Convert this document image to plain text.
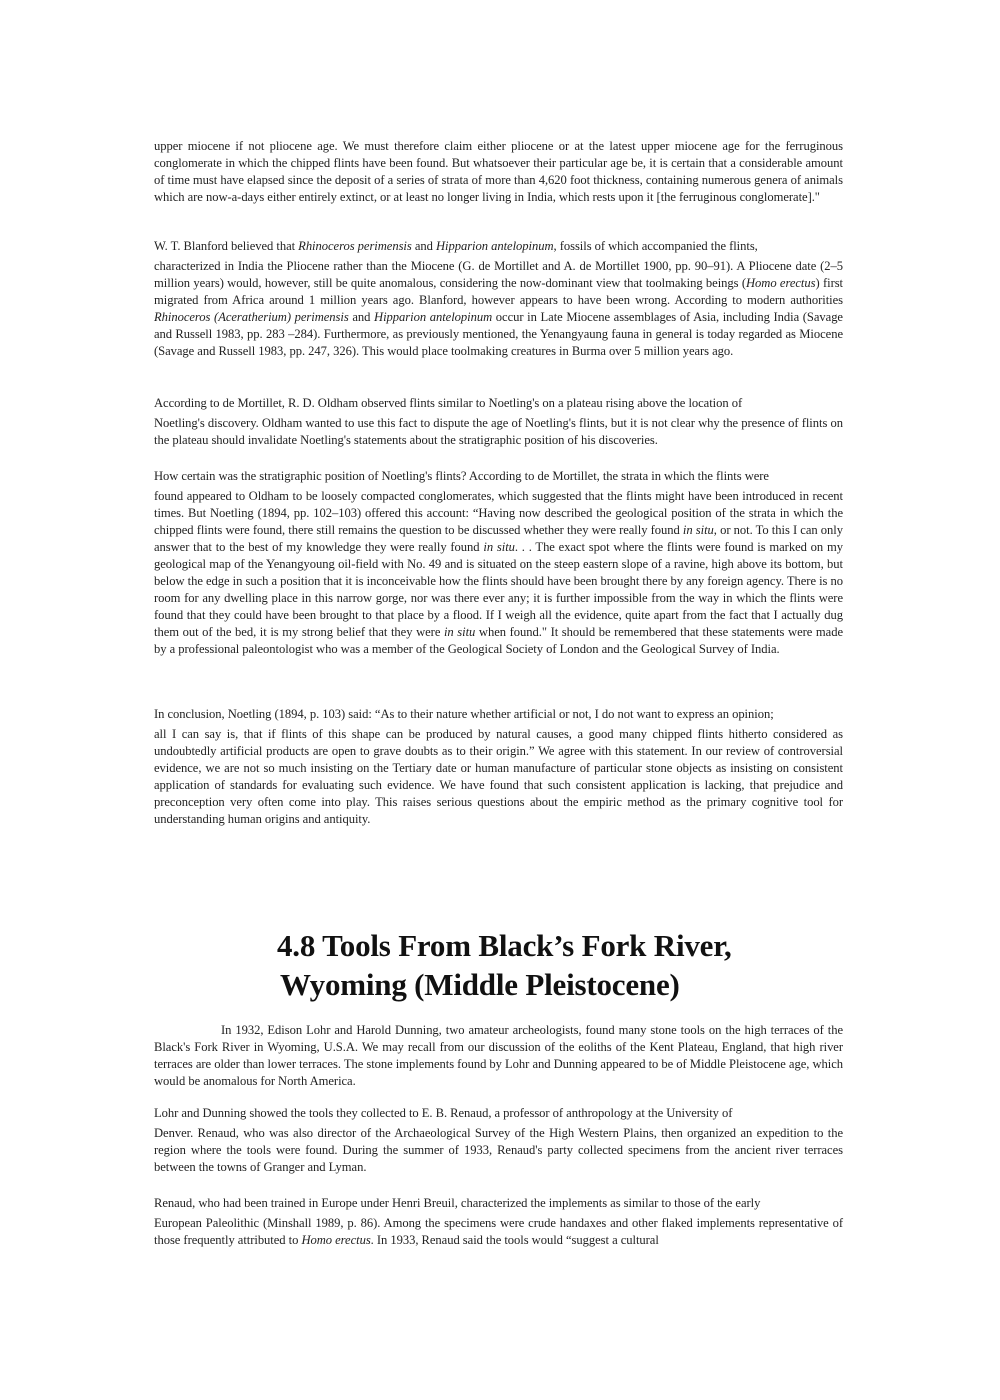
upper miocene if not pliocene age. We must therefore claim either pliocene or at the latest upper miocene age for the ferruginous conglomerate in which the chipped flints have been found. But whatsoever their particular age be, it is certain that a considerable amount of time must have elapsed since the deposit of a series of strata of more than 4,620 foot thickness, containing numerous genera of animals which are now-a-days either entirely extinct, or at least no longer living in India, which rests upon it [the ferruginous conglomerate]."

W. T. Blanford believed that Rhinoceros perimensis and Hipparion antelopinum, fossils of which accompanied the flints,
characterized in India the Pliocene rather than the Miocene (G. de Mortillet and A. de Mortillet 1900, pp. 90–91). A Pliocene date (2–5 million years) would, however, still be quite anomalous, considering the now-dominant view that toolmaking beings (Homo erectus) first migrated from Africa around 1 million years ago. Blanford, however appears to have been wrong. According to modern authorities Rhinoceros (Aceratherium) perimensis and Hipparion antelopinum occur in Late Miocene assemblages of Asia, including India (Savage and Russell 1983, pp. 283 –284). Furthermore, as previously mentioned, the Yenangyaung fauna in general is today regarded as Miocene (Savage and Russell 1983, pp. 247, 326). This would place toolmaking creatures in Burma over 5 million years ago.

According to de Mortillet, R. D. Oldham observed flints similar to Noetling's on a plateau rising above the location of
Noetling's discovery. Oldham wanted to use this fact to dispute the age of Noetling's flints, but it is not clear why the presence of flints on the plateau should invalidate Noetling's statements about the stratigraphic position of his discoveries.

How certain was the stratigraphic position of Noetling's flints? According to de Mortillet, the strata in which the flints were
found appeared to Oldham to be loosely compacted conglomerates, which suggested that the flints might have been introduced in recent times. But Noetling (1894, pp. 102–103) offered this account: “Having now described the geological position of the strata in which the chipped flints were found, there still remains the question to be discussed whether they were really found in situ, or not. To this I can only answer that to the best of my knowledge they were really found in situ. . . The exact spot where the flints were found is marked on my geological map of the Yenangyoung oil-field with No. 49 and is situated on the steep eastern slope of a ravine, high above its bottom, but below the edge in such a position that it is inconceivable how the flints should have been brought there by any foreign agency. There is no room for any dwelling place in this narrow gorge, nor was there ever any; it is further impossible from the way in which the flints were found that they could have been brought to that place by a flood. If I weigh all the evidence, quite apart from the fact that I actually dug them out of the bed, it is my strong belief that they were in situ when found." It should be remembered that these statements were made by a professional paleontologist who was a member of the Geological Society of London and the Geological Survey of India.

In conclusion, Noetling (1894, p. 103) said: “As to their nature whether artificial or not, I do not want to express an opinion;
all I can say is, that if flints of this shape can be produced by natural causes, a good many chipped flints hitherto considered as undoubtedly artificial products are open to grave doubts as to their origin.” We agree with this statement. In our review of controversial evidence, we are not so much insisting on the Tertiary date or human manufacture of particular stone objects as insisting on consistent application of standards for evaluating such evidence. We have found that such consistent application is lacking, that prejudice and preconception very often come into play. This raises serious questions about the empiric method as the primary cognitive tool for understanding human origins and antiquity.

4.8 Tools From Black’s Fork River,
Wyoming (Middle Pleistocene)

In 1932, Edison Lohr and Harold Dunning, two amateur archeologists, found many stone tools on the high terraces of the Black's Fork River in Wyoming, U.S.A. We may recall from our discussion of the eoliths of the Kent Plateau, England, that high river terraces are older than lower terraces. The stone implements found by Lohr and Dunning appeared to be of Middle Pleistocene age, which would be anomalous for North America.

Lohr and Dunning showed the tools they collected to E. B. Renaud, a professor of anthropology at the University of
Denver. Renaud, who was also director of the Archaeological Survey of the High Western Plains, then organized an expedition to the region where the tools were found. During the summer of 1933, Renaud's party collected specimens from the ancient river terraces between the towns of Granger and Lyman.

Renaud, who had been trained in Europe under Henri Breuil, characterized the implements as similar to those of the early
European Paleolithic (Minshall 1989, p. 86). Among the specimens were crude handaxes and other flaked implements representative of those frequently attributed to Homo erectus. In 1933, Renaud said the tools would “suggest a cultural
